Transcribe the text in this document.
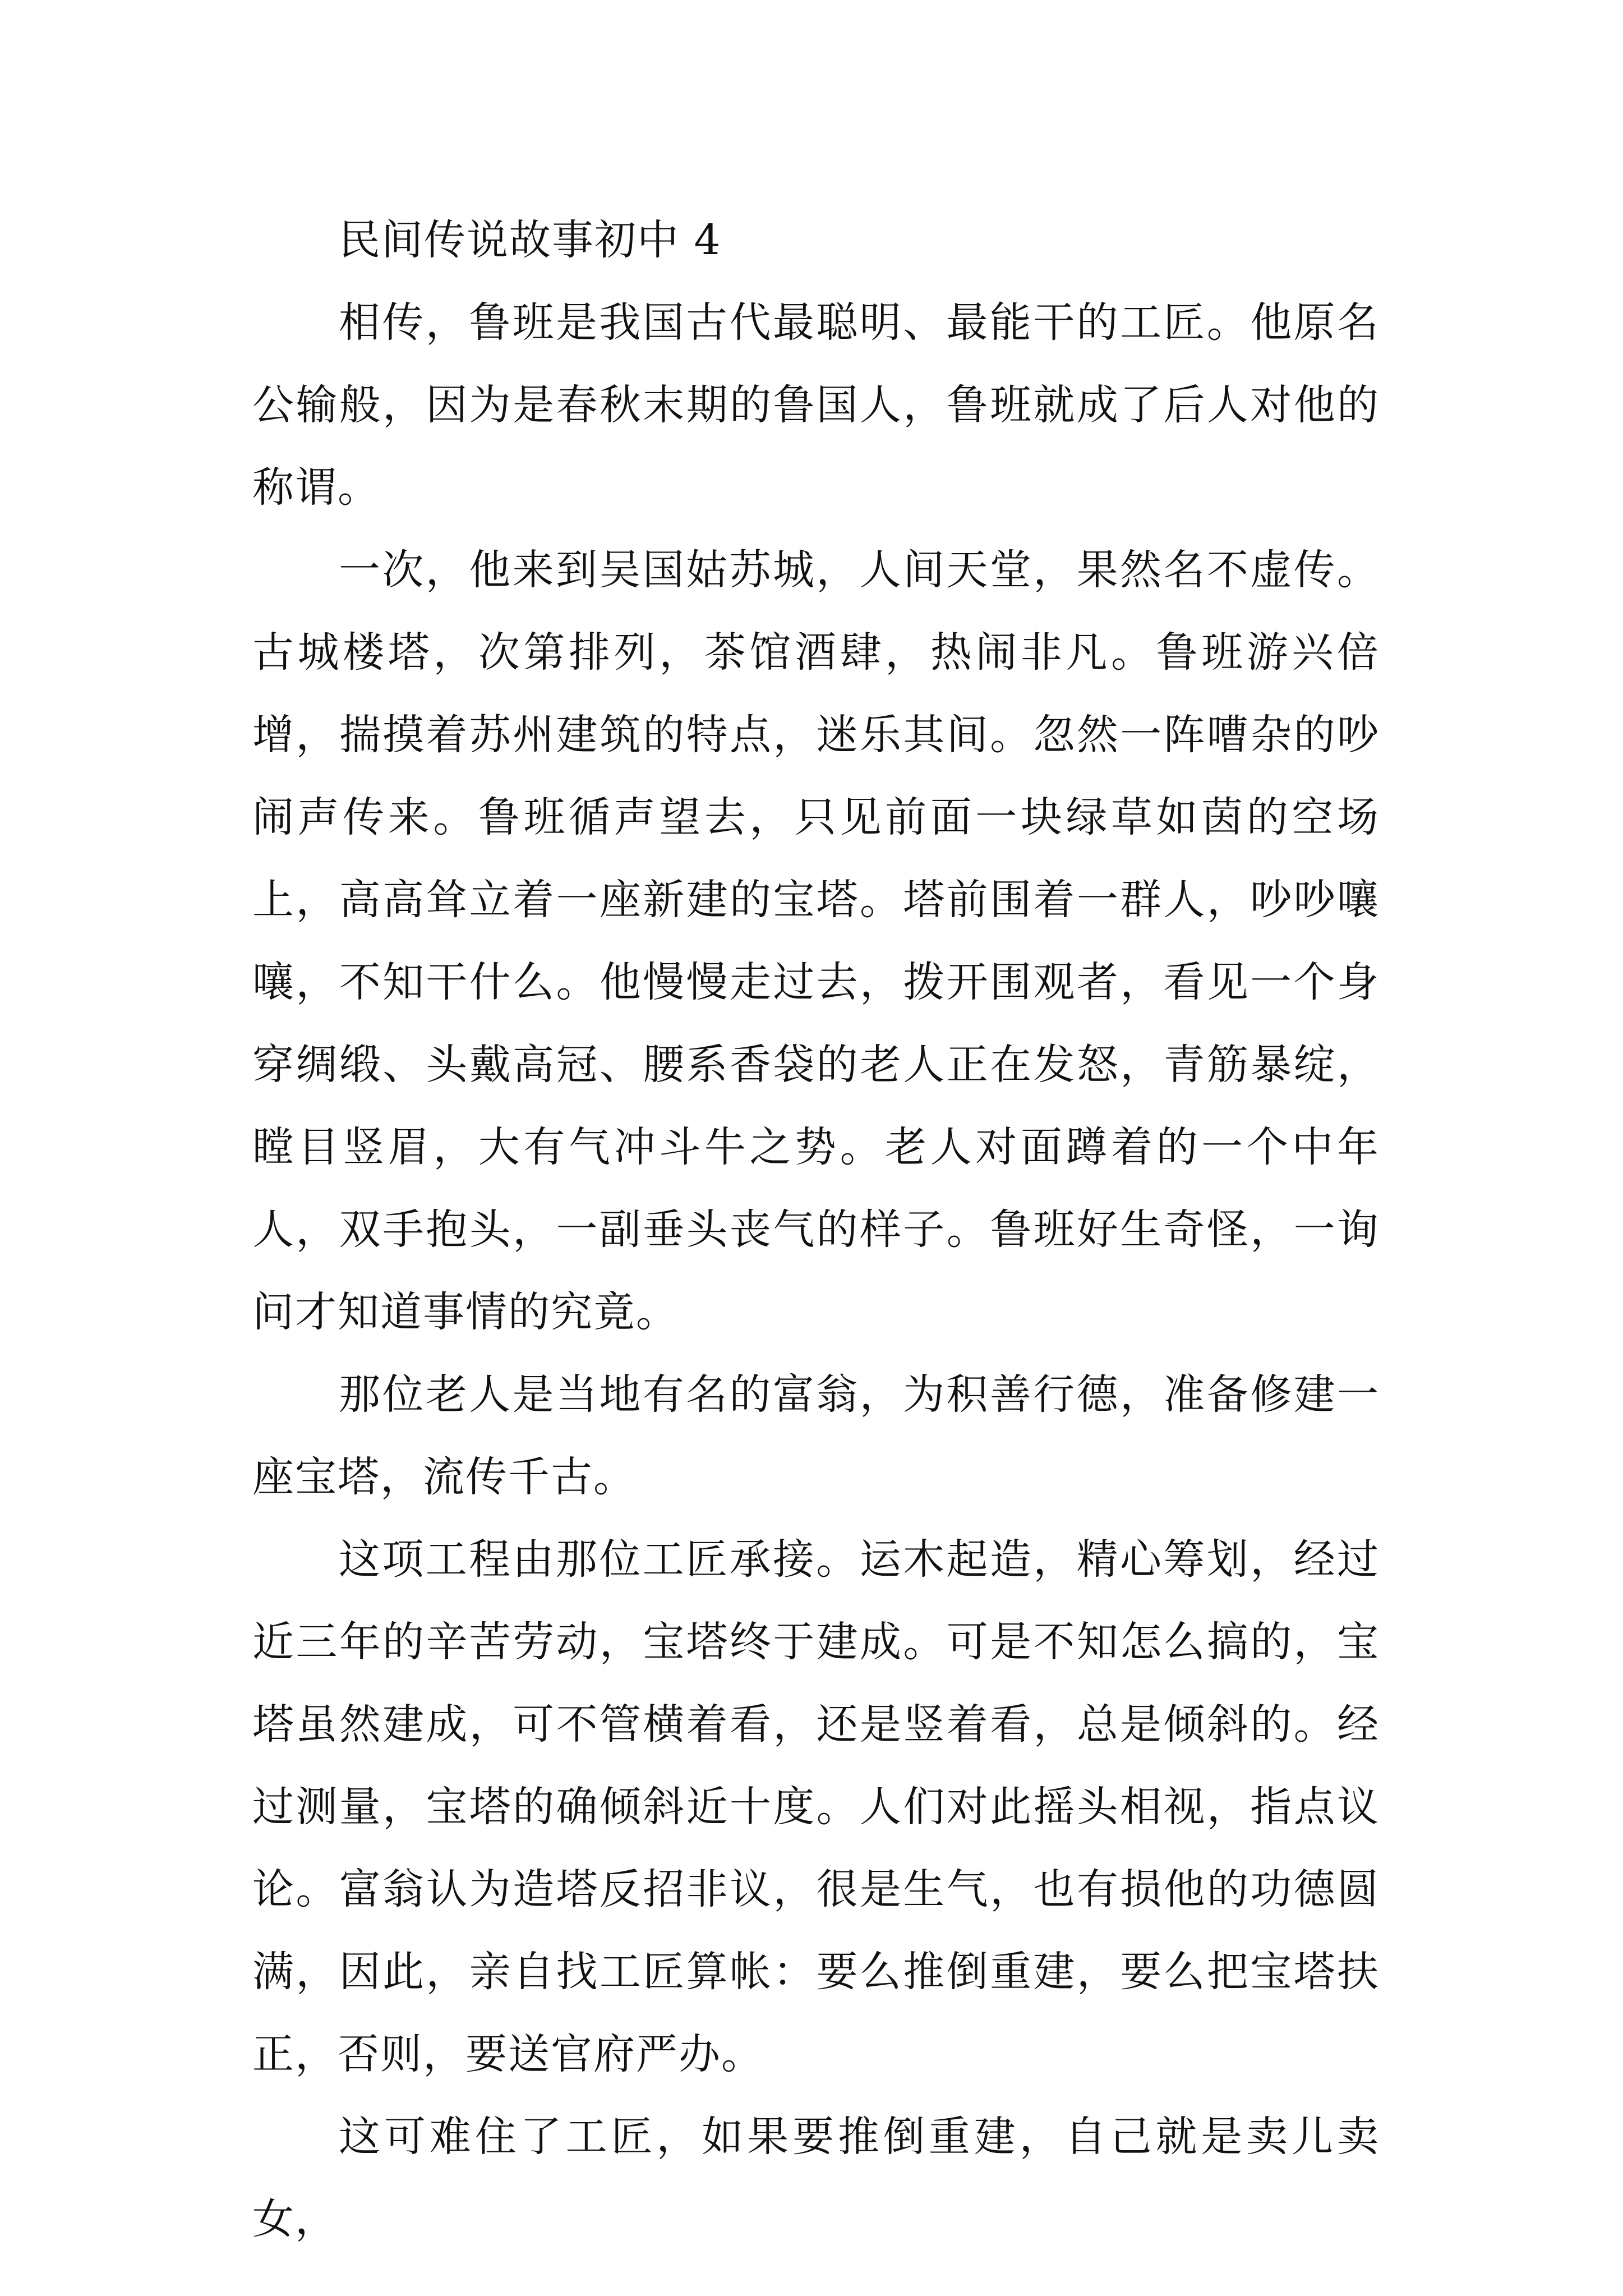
民间传说故事初中 4

相传，鲁班是我国古代最聪明、最能干的工匠。他原名公输般，因为是春秋末期的鲁国人，鲁班就成了后人对他的称谓。

一次，他来到吴国姑苏城，人间天堂，果然名不虚传。古城楼塔，次第排列，茶馆酒肆，热闹非凡。鲁班游兴倍增，揣摸着苏州建筑的特点，迷乐其间。忽然一阵嘈杂的吵闹声传来。鲁班循声望去，只见前面一块绿草如茵的空场上，高高耸立着一座新建的宝塔。塔前围着一群人，吵吵嚷嚷，不知干什么。他慢慢走过去，拨开围观者，看见一个身穿绸缎、头戴高冠、腰系香袋的老人正在发怒，青筋暴绽，瞠目竖眉，大有气冲斗牛之势。老人对面蹲着的一个中年人，双手抱头，一副垂头丧气的样子。鲁班好生奇怪，一询问才知道事情的究竟。

那位老人是当地有名的富翁，为积善行德，准备修建一座宝塔，流传千古。

这项工程由那位工匠承接。运木起造，精心筹划，经过近三年的辛苦劳动，宝塔终于建成。可是不知怎么搞的，宝塔虽然建成，可不管横着看，还是竖着看，总是倾斜的。经过测量，宝塔的确倾斜近十度。人们对此摇头相视，指点议论。富翁认为造塔反招非议，很是生气，也有损他的功德圆满，因此，亲自找工匠算帐：要么推倒重建，要么把宝塔扶正，否则，要送官府严办。

这可难住了工匠，如果要推倒重建，自己就是卖儿卖女，
